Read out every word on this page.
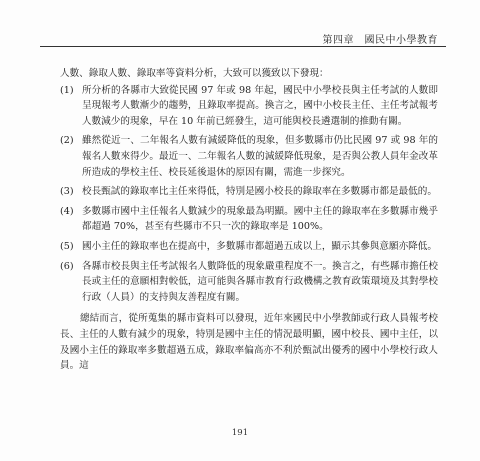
第四章　國民中小學教育

人數、錄取人數、錄取率等資料分析，大致可以獲致以下發現：

(1) 所分析的各縣市大致從民國 97 年或 98 年起，國民中小學校長與主任考試的人數即呈現報考人數漸少的趨勢，且錄取率提高。換言之，國中小校長主任、主任考試報考人數減少的現象，早在 10 年前已經發生，這可能與校長遴選制的推動有關。
(2) 雖然從近一、二年報名人數有減緩降低的現象，但多數縣市仍比民國 97 或 98 年的報名人數來得少。最近一、二年報名人數的減緩降低現象，是否與公教人員年金改革所造成的學校主任、校長延後退休的原因有關，需進一步探究。
(3) 校長甄試的錄取率比主任來得低，特別是國小校長的錄取率在多數縣市都是最低的。
(4) 多數縣市國中主任報名人數減少的現象最為明顯。國中主任的錄取率在多數縣市幾乎都超過 70%，甚至有些縣市不只一次的錄取率是 100%。
(5) 國小主任的錄取率也在提高中，多數縣市都超過五成以上，顯示其參與意願亦降低。
(6) 各縣市校長與主任考試報名人數降低的現象嚴重程度不一。換言之，有些縣市擔任校長或主任的意願相對較低，這可能與各縣市教育行政機構之教育政策環境及其對學校行政（人員）的支持與友善程度有關。

總結而言，從所蒐集的縣市資料可以發現，近年來國民中小學教師或行政人員報考校長、主任的人數有減少的現象，特別是國中主任的情況最明顯，國中校長、國中主任，以及國小主任的錄取率多數超過五成，錄取率偏高亦不利於甄試出優秀的國中小學校行政人員。這

191
